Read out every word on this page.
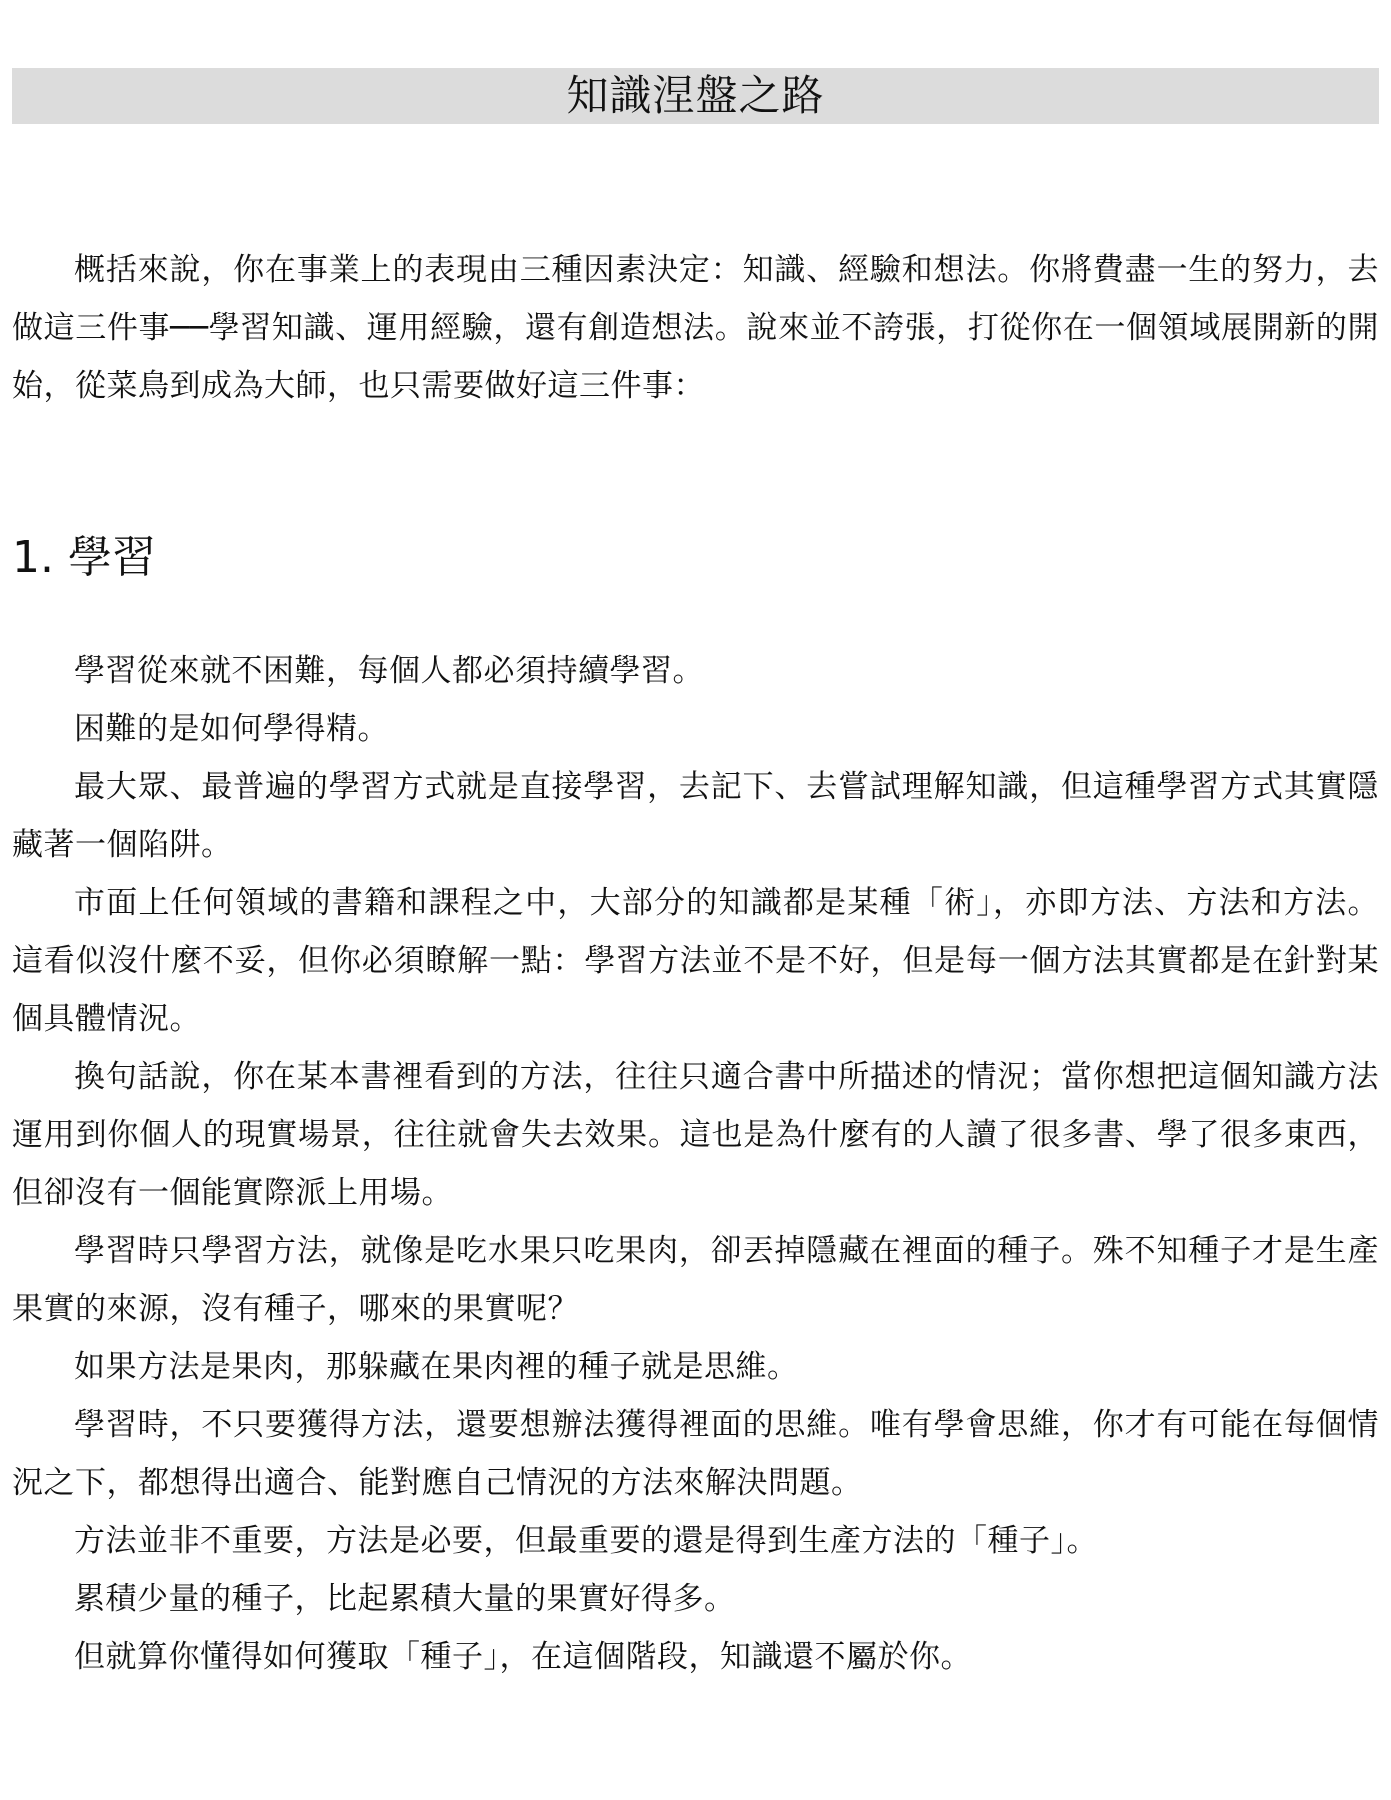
知識涅盤之路

概括來說，你在事業上的表現由三種因素決定：知識、經驗和想法。你將費盡一生的努力，去做這三件事──學習知識、運用經驗，還有創造想法。說來並不誇張，打從你在一個領域展開新的開始，從菜鳥到成為大師，也只需要做好這三件事：

1. 學習

學習從來就不困難，每個人都必須持續學習。

困難的是如何學得精。

最大眾、最普遍的學習方式就是直接學習，去記下、去嘗試理解知識，但這種學習方式其實隱藏著一個陷阱。

市面上任何領域的書籍和課程之中，大部分的知識都是某種「術」，亦即方法、方法和方法。這看似沒什麼不妥，但你必須瞭解一點：學習方法並不是不好，但是每一個方法其實都是在針對某個具體情況。

換句話說，你在某本書裡看到的方法，往往只適合書中所描述的情況；當你想把這個知識方法運用到你個人的現實場景，往往就會失去效果。這也是為什麼有的人讀了很多書、學了很多東西，但卻沒有一個能實際派上用場。

學習時只學習方法，就像是吃水果只吃果肉，卻丟掉隱藏在裡面的種子。殊不知種子才是生產果實的來源，沒有種子，哪來的果實呢？

如果方法是果肉，那躲藏在果肉裡的種子就是思維。

學習時，不只要獲得方法，還要想辦法獲得裡面的思維。唯有學會思維，你才有可能在每個情況之下，都想得出適合、能對應自己情況的方法來解決問題。

方法並非不重要，方法是必要，但最重要的還是得到生產方法的「種子」。

累積少量的種子，比起累積大量的果實好得多。

但就算你懂得如何獲取「種子」，在這個階段，知識還不屬於你。
